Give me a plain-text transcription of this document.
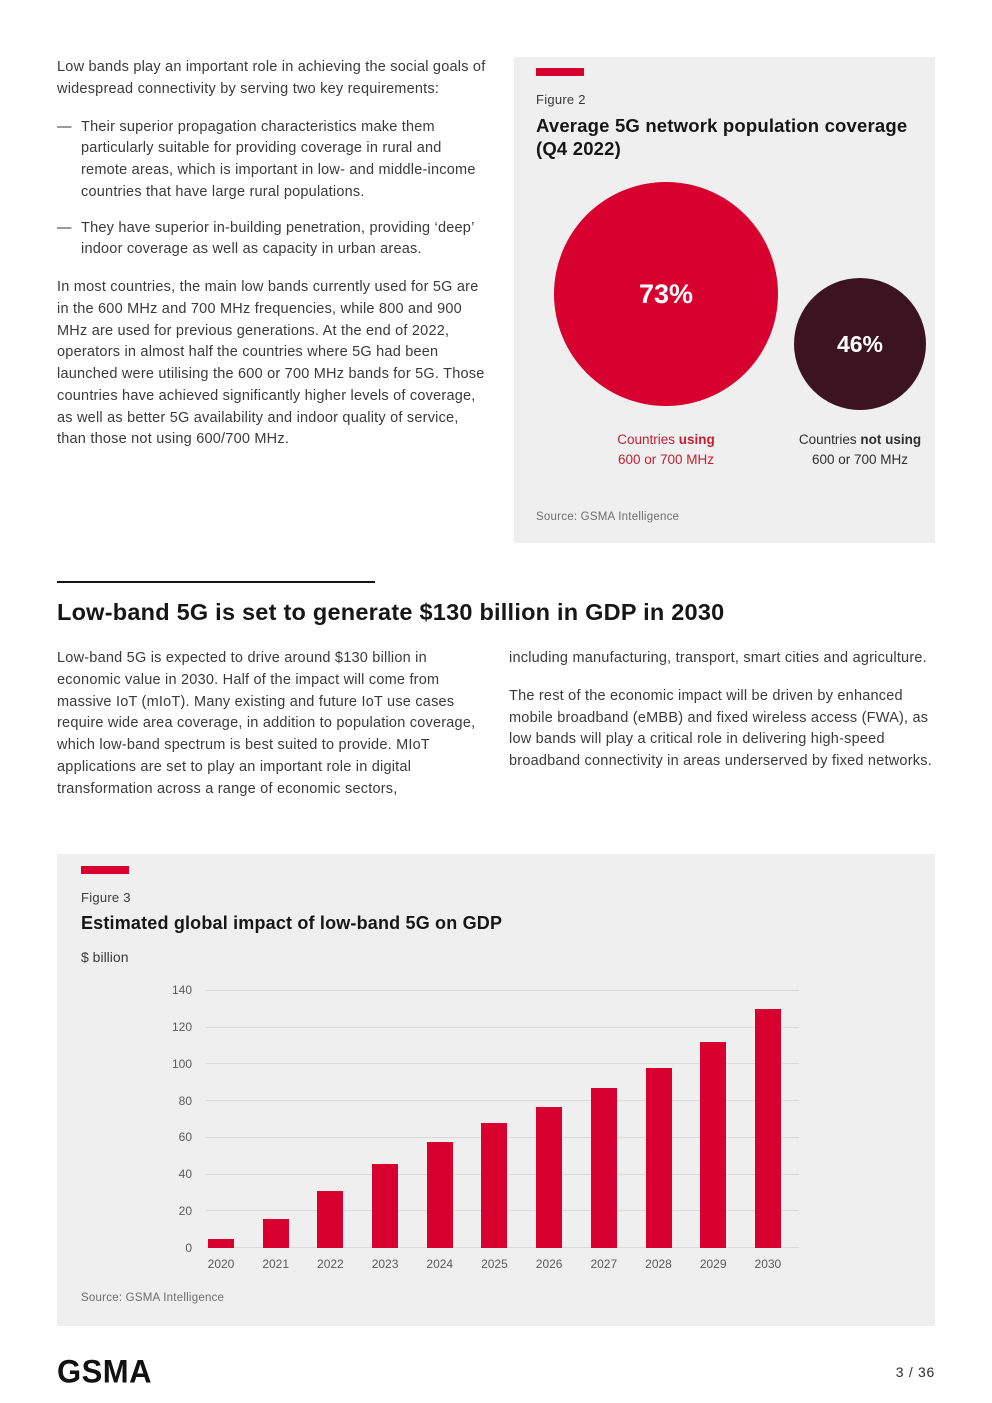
Low bands play an important role in achieving the social goals of widespread connectivity by serving two key requirements:

— Their superior propagation characteristics make them particularly suitable for providing coverage in rural and remote areas, which is important in low- and middle-income countries that have large rural populations.
— They have superior in-building penetration, providing ‘deep’ indoor coverage as well as capacity in urban areas.

In most countries, the main low bands currently used for 5G are in the 600 MHz and 700 MHz frequencies, while 800 and 900 MHz are used for previous generations. At the end of 2022, operators in almost half the countries where 5G had been launched were utilising the 600 or 700 MHz bands for 5G. Those countries have achieved significantly higher levels of coverage, as well as better 5G availability and indoor quality of service, than those not using 600/700 MHz.

Figure 2
Average 5G network population coverage (Q4 2022)
73%
46%
Countries using
600 or 700 MHz
Countries not using
600 or 700 MHz
Source: GSMA Intelligence
Low-band 5G is set to generate $130 billion in GDP in 2030

Low-band 5G is expected to drive around $130 billion in economic value in 2030. Half of the impact will come from massive IoT (mIoT). Many existing and future IoT use cases require wide area coverage, in addition to population coverage, which low-band spectrum is best suited to provide. MIoT applications are set to play an important role in digital transformation across a range of economic sectors,

including manufacturing, transport, smart cities and agriculture.

The rest of the economic impact will be driven by enhanced mobile broadband (eMBB) and fixed wireless access (FWA), as low bands will play a critical role in delivering high-speed broadband connectivity in areas underserved by fixed networks.

Figure 3
Estimated global impact of low-band 5G on GDP
$ billion
0
20
40
60
80
100
120
140
2020 2021 2022 2023 2024 2025 2026 2027 2028 2029 2030
Source: GSMA Intelligence
GSMA	3 / 36
